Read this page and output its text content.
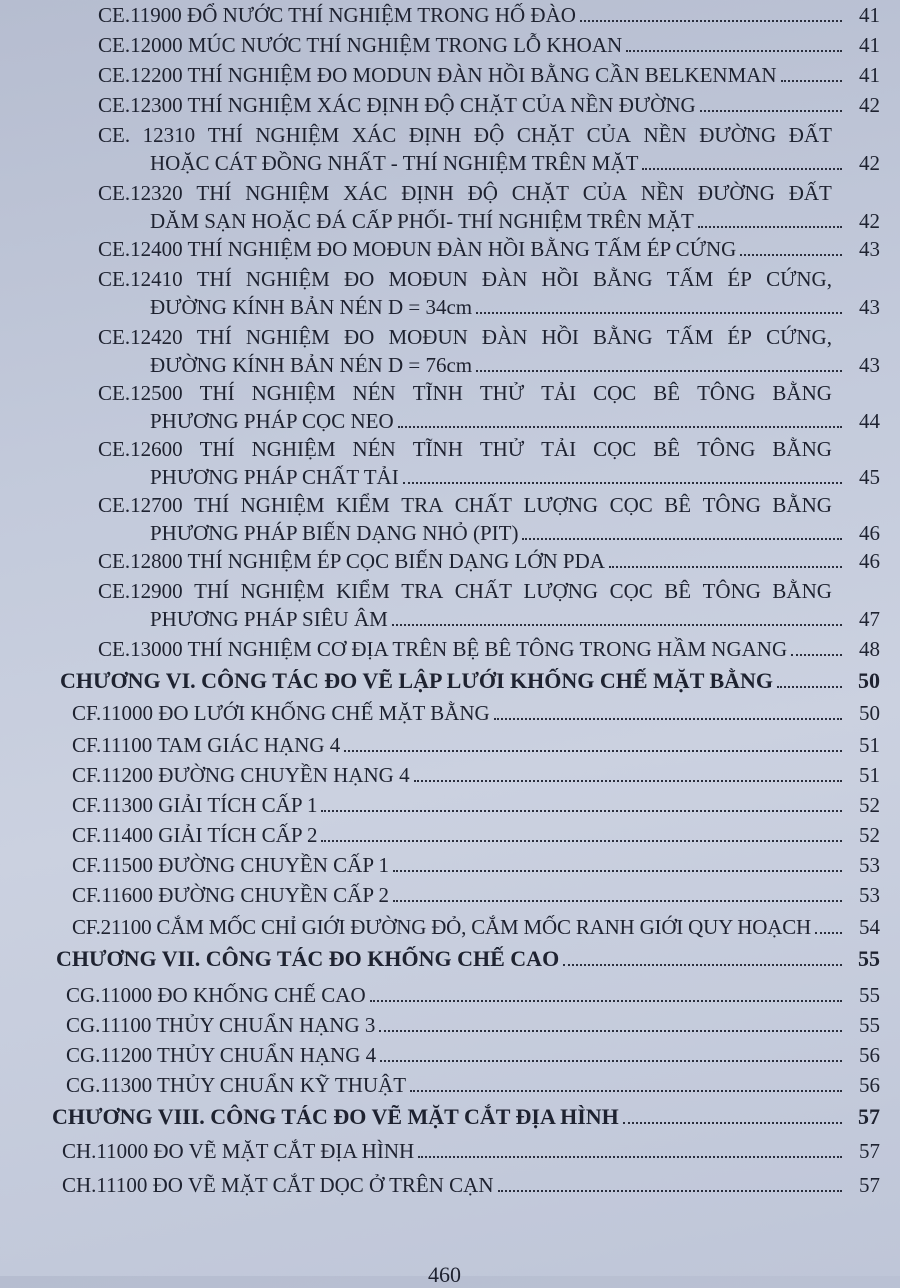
CE.11900 ĐỔ NƯỚC THÍ NGHIỆM TRONG HỐ ĐÀO	41
CE.12000 MÚC NƯỚC THÍ NGHIỆM TRONG LỖ KHOAN	41
CE.12200 THÍ NGHIỆM ĐO MODUN ĐÀN HỒI BẰNG CẦN BELKENMAN	41
CE.12300 THÍ NGHIỆM XÁC ĐỊNH ĐỘ CHẶT CỦA NỀN ĐƯỜNG	42
CE. 12310 THÍ NGHIỆM XÁC ĐỊNH ĐỘ CHẶT CỦA NỀN ĐƯỜNG ĐẤT
HOẶC CÁT ĐỒNG NHẤT - THÍ NGHIỆM TRÊN MẶT	42
CE.12320 THÍ NGHIỆM XÁC ĐỊNH ĐỘ CHẶT CỦA NỀN ĐƯỜNG ĐẤT
DĂM SẠN HOẶC ĐÁ CẤP PHỐI- THÍ NGHIỆM TRÊN MẶT	42
CE.12400 THÍ NGHIỆM ĐO MOĐUN ĐÀN HỒI BẰNG TẤM ÉP CỨNG	43
CE.12410 THÍ NGHIỆM ĐO MOĐUN ĐÀN HỒI BẰNG TẤM ÉP CỨNG,
ĐƯỜNG KÍNH BẢN NÉN D = 34cm	43
CE.12420 THÍ NGHIỆM ĐO MOĐUN ĐÀN HỒI BẰNG TẤM ÉP CỨNG,
ĐƯỜNG KÍNH BẢN NÉN D = 76cm	43
CE.12500 THÍ NGHIỆM NÉN TĨNH THỬ TẢI CỌC BÊ TÔNG BẰNG
PHƯƠNG PHÁP CỌC NEO	44
CE.12600 THÍ NGHIỆM NÉN TĨNH THỬ TẢI CỌC BÊ TÔNG BẰNG
PHƯƠNG PHÁP CHẤT TẢI	45
CE.12700 THÍ NGHIỆM KIỂM TRA CHẤT LƯỢNG CỌC BÊ TÔNG BẰNG
PHƯƠNG PHÁP BIẾN DẠNG NHỎ (PIT)	46
CE.12800 THÍ NGHIỆM ÉP CỌC BIẾN DẠNG LỚN PDA	46
CE.12900 THÍ NGHIỆM KIỂM TRA CHẤT LƯỢNG CỌC BÊ TÔNG BẰNG
PHƯƠNG PHÁP SIÊU ÂM	47
CE.13000 THÍ NGHIỆM CƠ ĐỊA TRÊN BỆ BÊ TÔNG TRONG HẦM NGANG	48
CHƯƠNG VI. CÔNG TÁC ĐO VẼ LẬP LƯỚI KHỐNG CHẾ MẶT BẰNG	50
CF.11000 ĐO LƯỚI KHỐNG CHẾ MẶT BẰNG	50
CF.11100 TAM GIÁC HẠNG 4	51
CF.11200 ĐƯỜNG CHUYỀN HẠNG 4	51
CF.11300 GIẢI TÍCH CẤP 1	52
CF.11400 GIẢI TÍCH CẤP 2	52
CF.11500 ĐƯỜNG CHUYỀN CẤP 1	53
CF.11600 ĐƯỜNG CHUYỀN CẤP 2	53
CF.21100 CẮM MỐC CHỈ GIỚI ĐƯỜNG ĐỎ, CẮM MỐC RANH GIỚI QUY HOẠCH	54
CHƯƠNG VII. CÔNG TÁC ĐO KHỐNG CHẾ CAO	55
CG.11000 ĐO KHỐNG CHẾ CAO	55
CG.11100 THỦY CHUẨN HẠNG 3	55
CG.11200 THỦY CHUẨN HẠNG 4	56
CG.11300 THỦY CHUẨN KỸ THUẬT	56
CHƯƠNG VIII. CÔNG TÁC ĐO VẼ MẶT CẮT ĐỊA HÌNH	57
CH.11000 ĐO VẼ MẶT CẮT ĐỊA HÌNH	57
CH.11100 ĐO VẼ MẶT CẮT DỌC Ở TRÊN CẠN	57
460
